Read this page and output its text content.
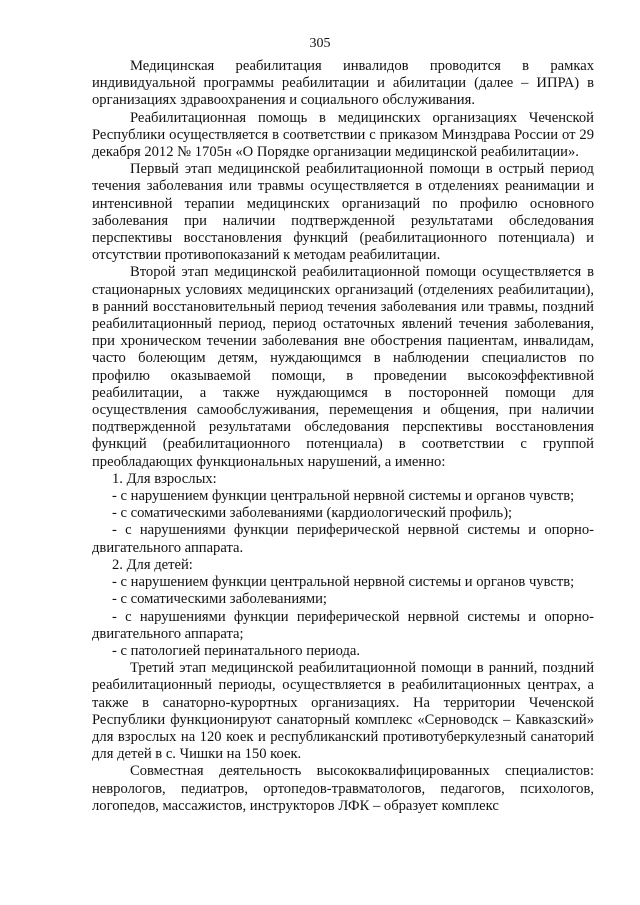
305

Медицинская реабилитация инвалидов проводится в рамках индивидуальной программы реабилитации и абилитации (далее – ИПРА) в организациях здравоохранения и социального обслуживания.

Реабилитационная помощь в медицинских организациях Чеченской Республики осуществляется в соответствии с приказом Минздрава России от 29 декабря 2012 № 1705н «О Порядке организации медицинской реабилитации».

Первый этап медицинской реабилитационной помощи в острый период течения заболевания или травмы осуществляется в отделениях реанимации и интенсивной терапии медицинских организаций по профилю основного заболевания при наличии подтвержденной результатами обследования перспективы восстановления функций (реабилитационного потенциала) и отсутствии противопоказаний к методам реабилитации.

Второй этап медицинской реабилитационной помощи осуществляется в стационарных условиях медицинских организаций (отделениях реабилитации), в ранний восстановительный период течения заболевания или травмы, поздний реабилитационный период, период остаточных явлений течения заболевания, при хроническом течении заболевания вне обострения пациентам, инвалидам, часто болеющим детям, нуждающимся в наблюдении специалистов по профилю оказываемой помощи, в проведении высокоэффективной реабилитации, а также нуждающимся в посторонней помощи для осуществления самообслуживания, перемещения и общения, при наличии подтвержденной результатами обследования перспективы восстановления функций (реабилитационного потенциала) в соответствии с группой преобладающих функциональных нарушений, а именно:

1. Для взрослых:

- с нарушением функции центральной нервной системы и органов чувств;

- с соматическими заболеваниями (кардиологический профиль);

- с нарушениями функции периферической нервной системы и опорно-двигательного аппарата.

2. Для детей:

- с нарушением функции центральной нервной системы и органов чувств;

- с соматическими заболеваниями;

- с нарушениями функции периферической нервной системы и опорно-двигательного аппарата;

- с патологией перинатального периода.

Третий этап медицинской реабилитационной помощи в ранний, поздний реабилитационный периоды, осуществляется в реабилитационных центрах, а также в санаторно-курортных организациях. На территории Чеченской Республики функционируют санаторный комплекс «Серноводск – Кавказский» для взрослых на 120 коек и республиканский противотуберкулезный санаторий для детей в с. Чишки на 150 коек.

Совместная деятельность высококвалифицированных специалистов: неврологов, педиатров, ортопедов-травматологов, педагогов, психологов, логопедов, массажистов, инструкторов ЛФК – образует комплекс
